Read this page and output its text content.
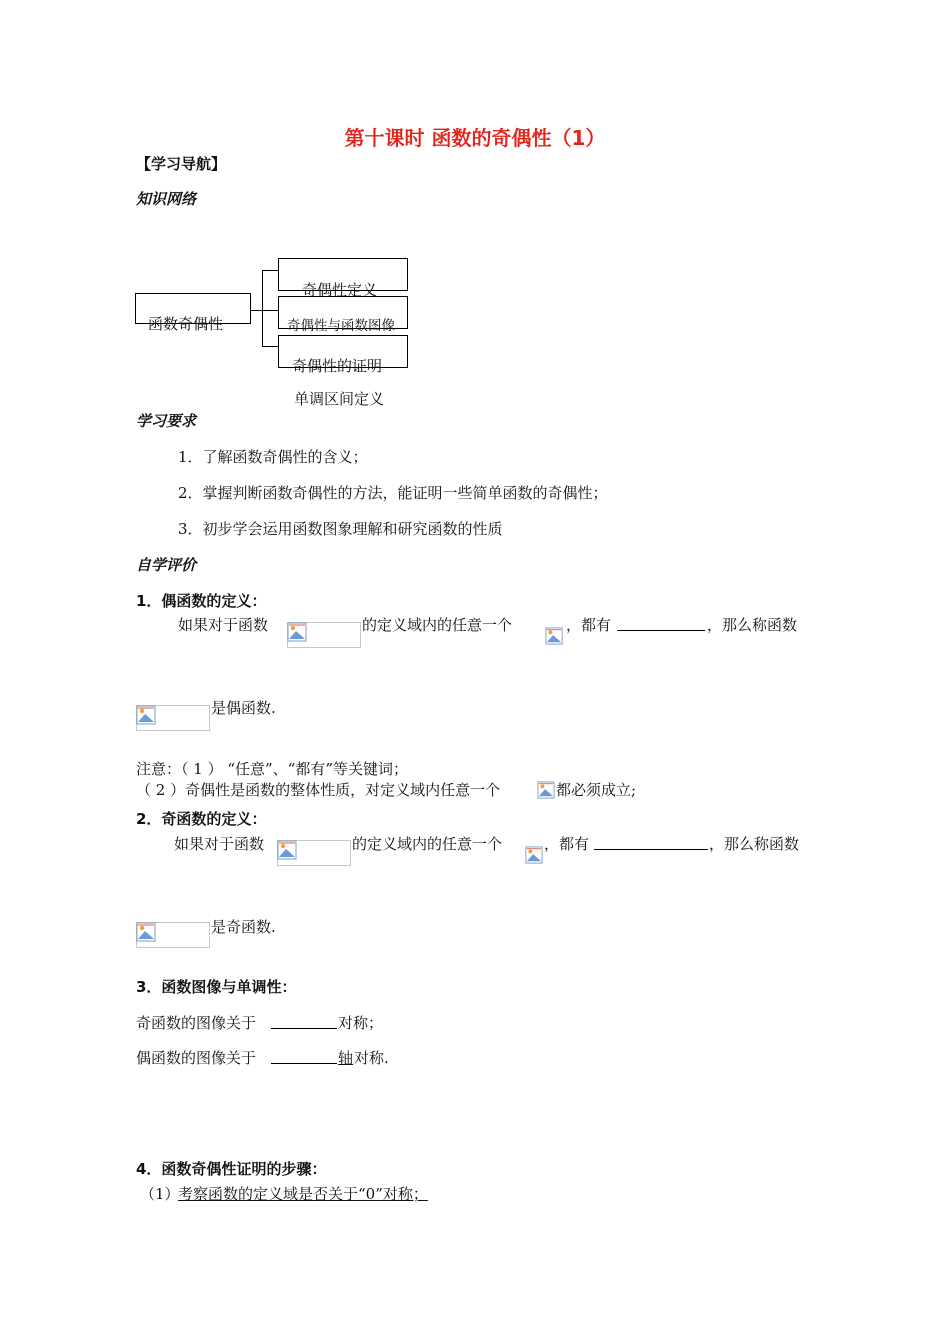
第十课时 函数的奇偶性（1）
【学习导航】
知识网络
函数奇偶性
奇偶性定义
奇偶性与函数图像
奇偶性的证明
单调区间定义
学习要求
1．了解函数奇偶性的含义；
2．掌握判断函数奇偶性的方法，能证明一些简单函数的奇偶性；
3．初步学会运用函数图象理解和研究函数的性质
自学评价
1．偶函数的定义：
如果对于函数	的定义域内的任意一个	，都有	，那么称函数
是偶函数.
注意：（ 1 ） “任意”、“都有”等关键词；
（ 2 ）奇偶性是函数的整体性质，对定义域内任意一个	都必须成立;
2．奇函数的定义：
如果对于函数	的定义域内的任意一个	，都有	，那么称函数
是奇函数.
3．函数图像与单调性：
奇函数的图像关于	对称；
偶函数的图像关于	轴 对称.
4．函数奇偶性证明的步骤：
（1）
考察函数的定义域是否关于“0”对称；
